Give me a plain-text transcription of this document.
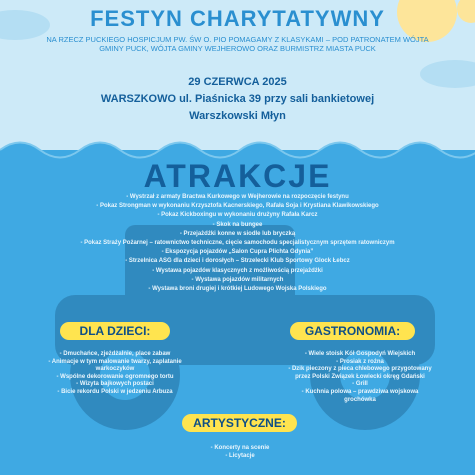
FESTYN CHARYTATYWNY
NA RZECZ PUCKIEGO HOSPICJUM PW. ŚW O. PIO POMAGAMY Z KLASYKAMI – POD PATRONATEM WÓJTA GMINY PUCK, WÓJTA GMINY WEJHEROWO ORAZ BURMISTRZ MIASTA PUCK
29 CZERWCA 2025
WARSZKOWO ul. Piaśnicka 39 przy sali bankietowej
Warszkowski Młyn
ATRAKCJE
- Wystrzał z armaty Bractwa Kurkowego w Wejherowie na rozpoczęcie festynu
- Pokaz Strongman w wykonaniu Krzysztofa Kacnerskiego, Rafała Soja i Krystiana Klawikowskiego
- Pokaz Kickboxingu w wykonaniu drużyny Rafała Karcz
- Skok na bungee
- Przejażdżki konne w siodle lub bryczką
- Pokaz Straży Pożarnej – ratownictwo techniczne, cięcie samochodu specjalistycznym sprzętem ratowniczym
- Ekspozycja pojazdów „Salon Cupra Plichta Gdynia”
- Strzelnica ASG dla dzieci i dorosłych – Strzelecki Klub Sportowy Glock Łebcz
- Wystawa pojazdów klasycznych z możliwością przejażdżki
- Wystawa pojazdów militarnych
- Wystawa broni drugiej i krótkiej Ludowego Wojska Polskiego
DLA DZIECI:	GASTRONOMIA:
ARTYSTYCZNE:
- Dmuchańce, zjeżdżalnie, place zabaw
- Animacje w tym malowanie twarzy, zaplatanie warkoczyków
- Wspólne dekorowanie ogromnego tortu
- Wizyta bajkowych postaci
- Bicie rekordu Polski w jedzeniu Arbuza
- Wiele stoisk Kół Gospodyń Wiejskich
- Prosiak z rożna
- Dzik pieczony z pieca chlebowego przygotowany przez Polski Związek Łowiecki okręg Gdański
- Grill
- Kuchnia polowa – prawdziwa wojskowa grochówka
- Koncerty na scenie
- Licytacje
